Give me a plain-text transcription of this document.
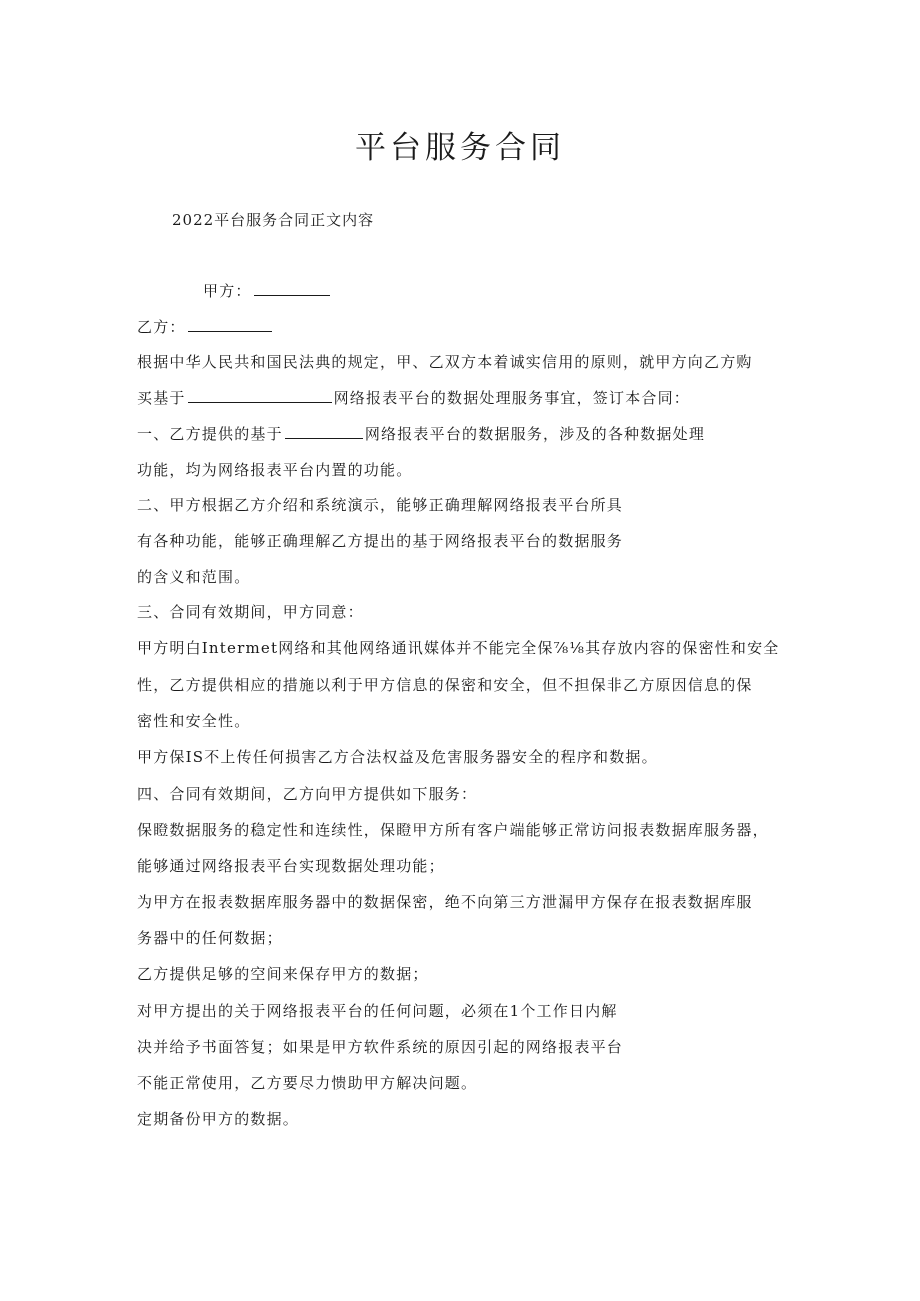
平台服务合同

2022平台服务合同正文内容

甲方：

乙方：

根据中华人民共和国民法典的规定，甲、乙双方本着诚实信用的原则，就甲方向乙方购

买基于	网络报表平台的数据处理服务事宜，签订本合同：

一、乙方提供的基于	网络报表平台的数据服务，涉及的各种数据处理

功能，均为网络报表平台内置的功能。

二、甲方根据乙方介绍和系统演示，能够正确理解网络报表平台所具

有各种功能，能够正确理解乙方提出的基于网络报表平台的数据服务

的含义和范围。

三、合同有效期间，甲方同意：

甲方明白Intermet网络和其他网络通讯媒体并不能完全保⅞⅛其存放内容的保密性和安全

性，乙方提供相应的措施以利于甲方信息的保密和安全，但不担保非乙方原因信息的保

密性和安全性。

甲方保IS不上传任何损害乙方合法权益及危害服务器安全的程序和数据。

四、合同有效期间，乙方向甲方提供如下服务：

保瞪数据服务的稳定性和连续性，保瞪甲方所有客户端能够正常访问报表数据库服务器，

能够通过网络报表平台实现数据处理功能；

为甲方在报表数据库服务器中的数据保密，绝不向第三方泄漏甲方保存在报表数据库服

务器中的任何数据；

乙方提供足够的空间来保存甲方的数据；

对甲方提出的关于网络报表平台的任何问题，必须在1个工作日内解

决并给予书面答复；如果是甲方软件系统的原因引起的网络报表平台

不能正常使用，乙方要尽力愦助甲方解决问题。

定期备份甲方的数据。
